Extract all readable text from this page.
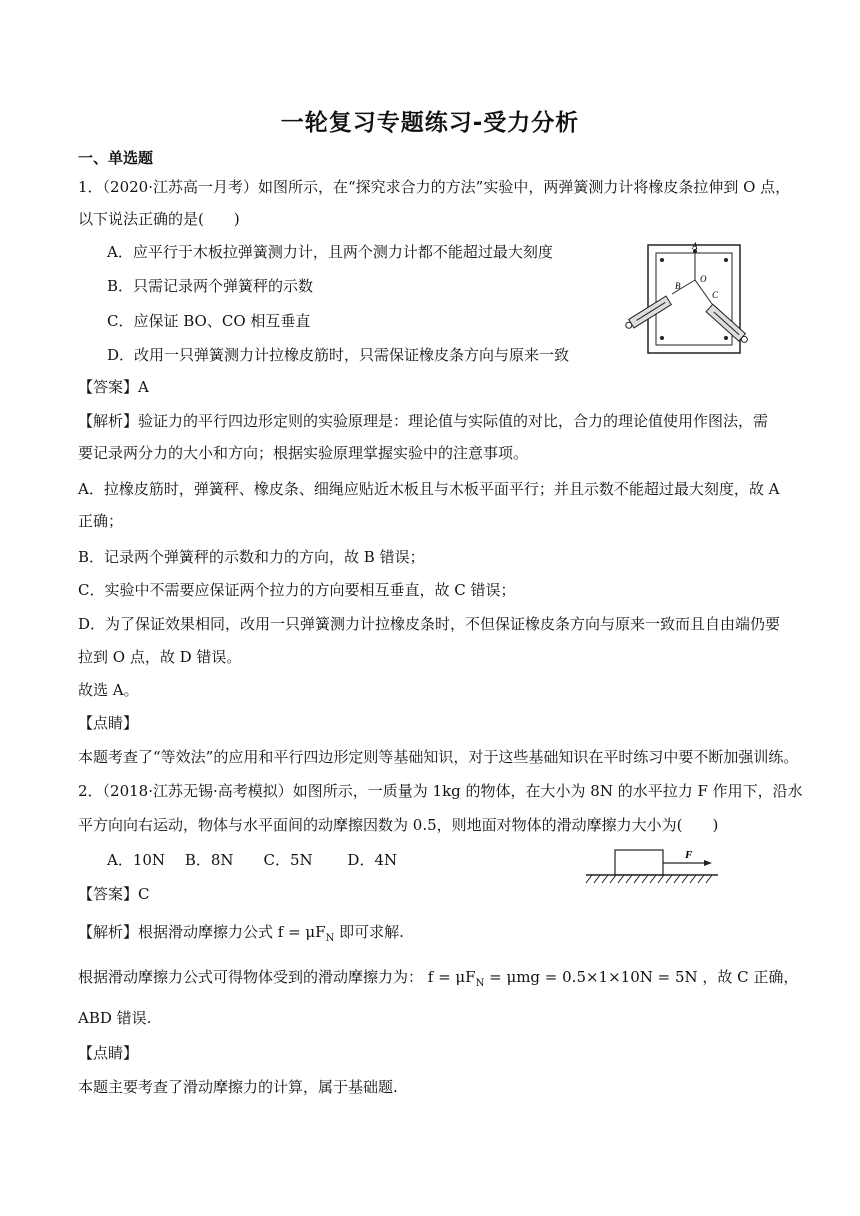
一轮复习专题练习-受力分析
一、单选题
1．（2020·江苏高一月考）如图所示，在“探究求合力的方法”实验中，两弹簧测力计将橡皮条拉伸到 O 点，
以下说法正确的是(　　)
A．应平行于木板拉弹簧测力计，且两个测力计都不能超过最大刻度
B．只需记录两个弹簧秤的示数
C．应保证 BO、CO 相互垂直
D．改用一只弹簧测力计拉橡皮筋时，只需保证橡皮条方向与原来一致
A
O
B
C
【答案】A
【解析】验证力的平行四边形定则的实验原理是：理论值与实际值的对比，合力的理论值使用作图法，需
要记录两分力的大小和方向；根据实验原理掌握实验中的注意事项。
A．拉橡皮筋时，弹簧秤、橡皮条、细绳应贴近木板且与木板平面平行；并且示数不能超过最大刻度，故 A
正确；
B．记录两个弹簧秤的示数和力的方向，故 B 错误；
C．实验中不需要应保证两个拉力的方向要相互垂直，故 C 错误；
D．为了保证效果相同，改用一只弹簧测力计拉橡皮条时，不但保证橡皮条方向与原来一致而且自由端仍要
拉到 O 点，故 D 错误。
故选 A。
【点睛】
本题考查了“等效法”的应用和平行四边形定则等基础知识，对于这些基础知识在平时练习中要不断加强训练。
2．（2018·江苏无锡·高考模拟）如图所示，一质量为 1kg 的物体，在大小为 8N 的水平拉力 F 作用下，沿水
平方向向右运动，物体与水平面间的动摩擦因数为 0.5，则地面对物体的滑动摩擦力大小为(　　)
A．10N　 B．8N　　C．5N　　 D．4N	F
【答案】C
【解析】根据滑动摩擦力公式 $f = \mu F_N$ 即可求解.
根据滑动摩擦力公式可得物体受到的滑动摩擦力为： $f = \mu F_N = \mu mg = 0.5\times 1\times 10N = 5N$ ，故 C 正确，
ABD 错误.
【点睛】
本题主要考查了滑动摩擦力的计算，属于基础题.
